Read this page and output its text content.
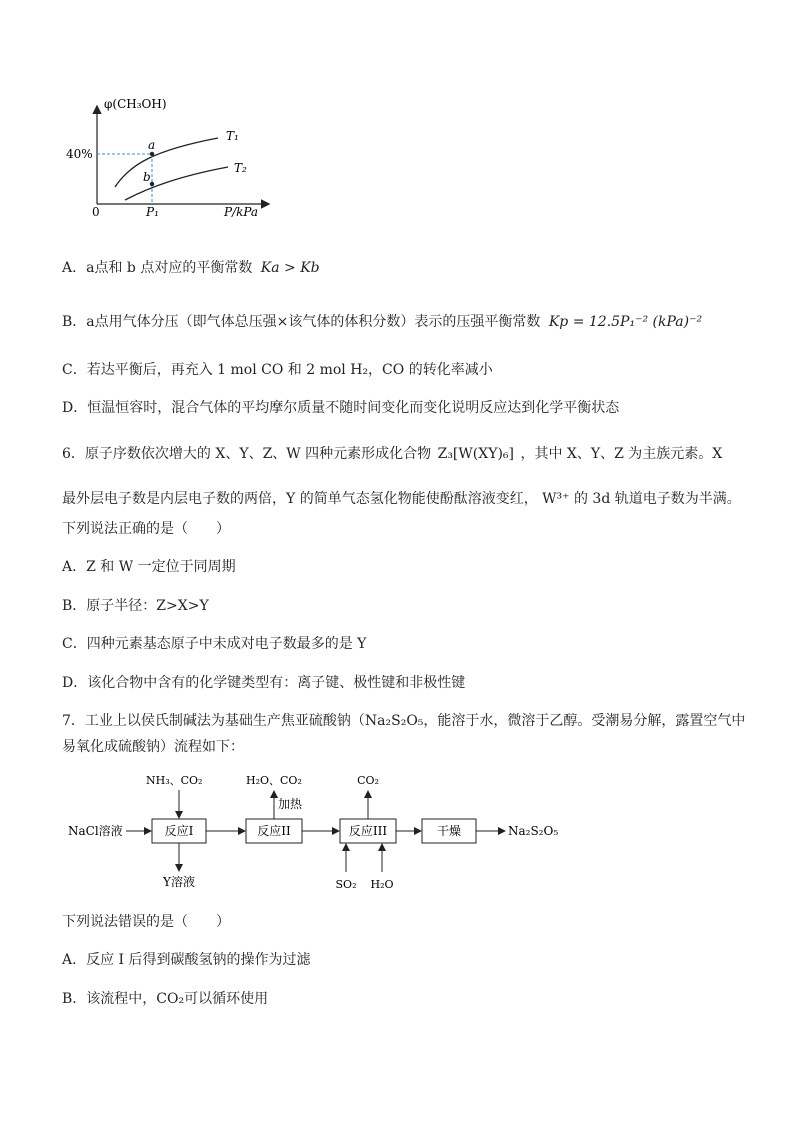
φ(CH₃OH)
40%
0	P₁	P/kPa
T₁
T₂
a
b
A．a点和 b 点对应的平衡常数 Ka > Kb
B．a点用气体分压（即气体总压强×该气体的体积分数）表示的压强平衡常数 Kp = 12.5P₁⁻² (kPa)⁻²
C．若达平衡后，再充入 1 mol CO 和 2 mol H₂，CO 的转化率减小
D．恒温恒容时，混合气体的平均摩尔质量不随时间变化而变化说明反应达到化学平衡状态
6．原子序数依次增大的 X、Y、Z、W 四种元素形成化合物 Z₃[W(XY)₆] ，其中 X、Y、Z 为主族元素。X
最外层电子数是内层电子数的两倍，Y 的简单气态氢化物能使酚酞溶液变红， W³⁺ 的 3d 轨道电子数为半满。
下列说法正确的是（　　）
A．Z 和 W 一定位于同周期
B．原子半径：Z>X>Y
C．四种元素基态原子中未成对电子数最多的是 Y
D．该化合物中含有的化学键类型有：离子键、极性键和非极性键
7．工业上以侯氏制碱法为基础生产焦亚硫酸钠（Na₂S₂O₅，能溶于水，微溶于乙醇。受潮易分解，露置空气中
易氧化成硫酸钠）流程如下：
NaCl溶液	反应I	反应II	反应III	干燥	Na₂S₂O₅
NH₃、CO₂
Y溶液
H₂O、CO₂
加热
CO₂
SO₂ H₂O
下列说法错误的是（　　）
A．反应 I 后得到碳酸氢钠的操作为过滤
B．该流程中，CO₂可以循环使用
